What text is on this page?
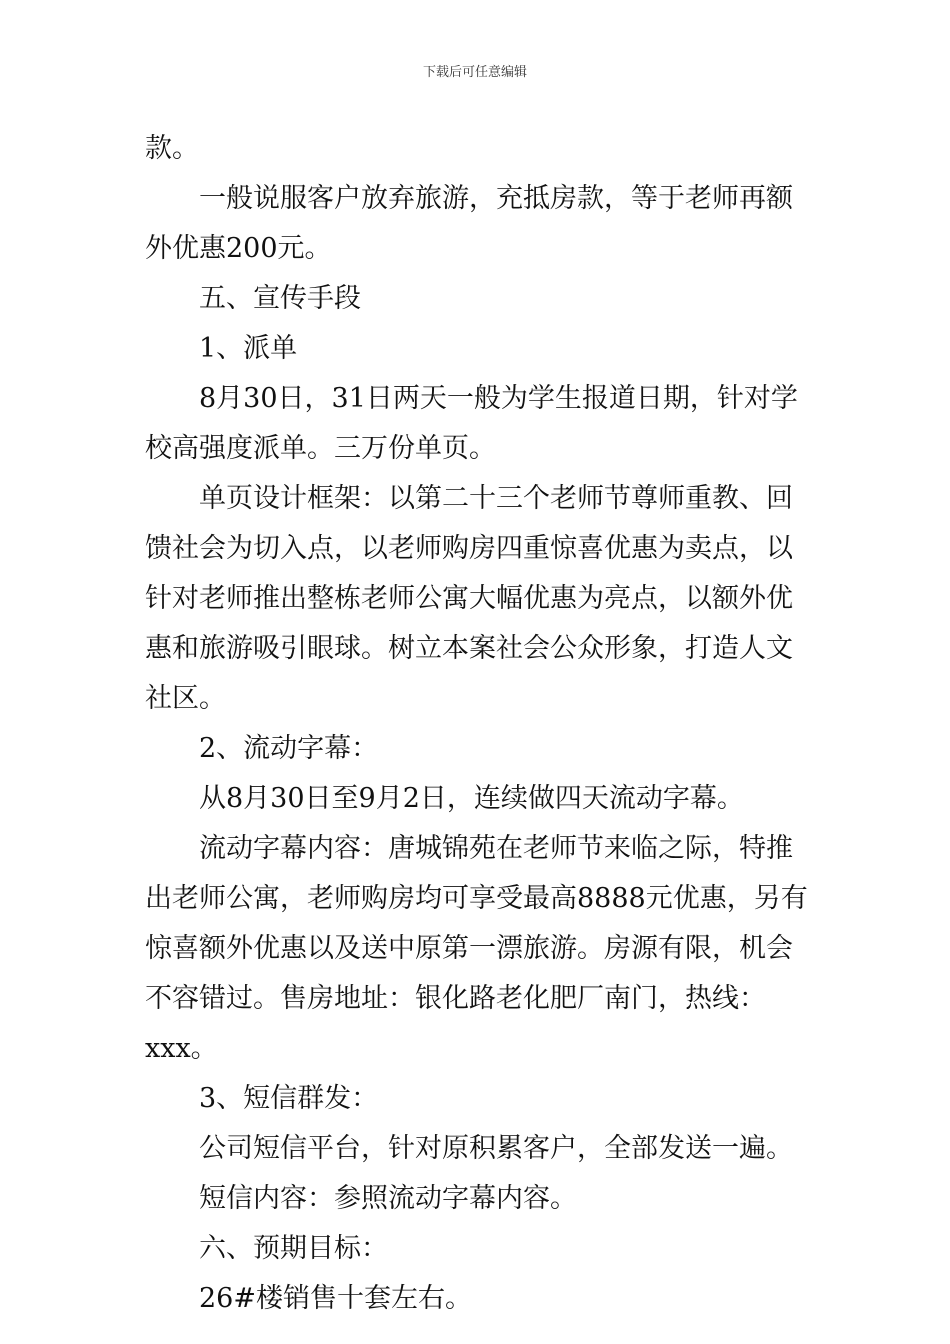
下载后可任意编辑

款。

一般说服客户放弃旅游，充抵房款，等于老师再额外优惠200元。

五、宣传手段

1、派单

8月30日，31日两天一般为学生报道日期，针对学校高强度派单。三万份单页。

单页设计框架：以第二十三个老师节尊师重教、回馈社会为切入点，以老师购房四重惊喜优惠为卖点，以针对老师推出整栋老师公寓大幅优惠为亮点，以额外优惠和旅游吸引眼球。树立本案社会公众形象，打造人文社区。

2、流动字幕：

从8月30日至9月2日，连续做四天流动字幕。

流动字幕内容：唐城锦苑在老师节来临之际，特推出老师公寓，老师购房均可享受最高8888元优惠，另有惊喜额外优惠以及送中原第一漂旅游。房源有限，机会不容错过。售房地址：银化路老化肥厂南门，热线：xxx。

3、短信群发：

公司短信平台，针对原积累客户，全部发送一遍。

短信内容：参照流动字幕内容。

六、预期目标：

26#楼销售十套左右。
